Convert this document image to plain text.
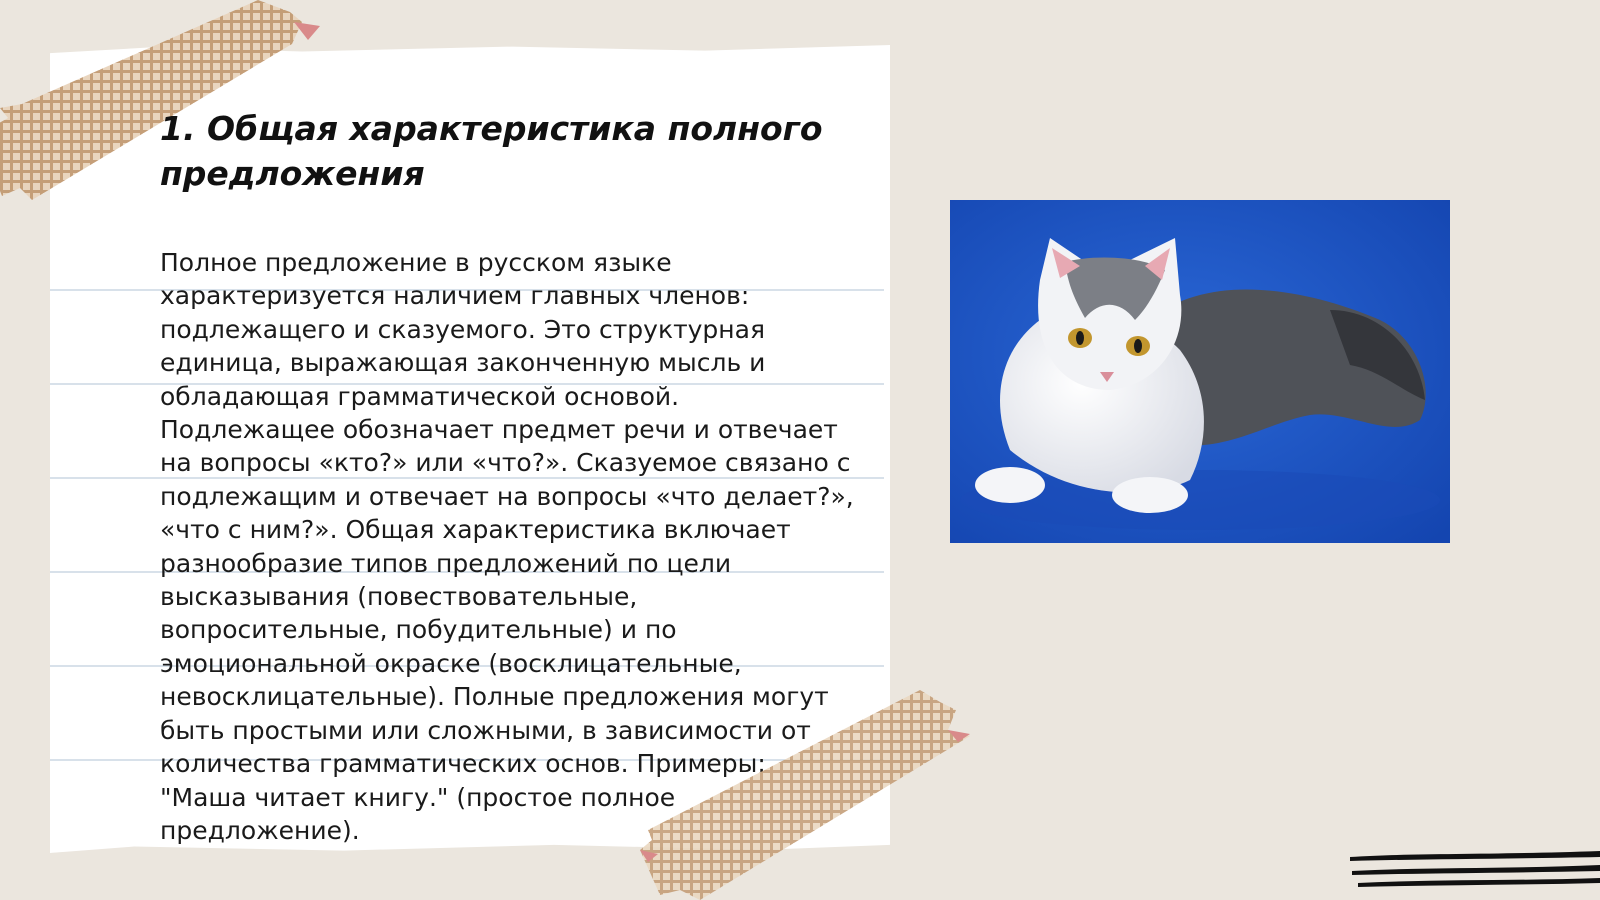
1. Общая характеристика полного предложения

Полное предложение в русском языке характеризуется наличием главных членов: подлежащего и сказуемого. Это структурная единица, выражающая законченную мысль и обладающая грамматической основой. Подлежащее обозначает предмет речи и отвечает на вопросы «кто?» или «что?». Сказуемое связано с подлежащим и отвечает на вопросы «что делает?», «что с ним?». Общая характеристика включает разнообразие типов предложений по цели высказывания (повествовательные, вопросительные, побудительные) и по эмоциональной окраске (восклицательные, невосклицательные). Полные предложения могут быть простыми или сложными, в зависимости от количества грамматических основ. Примеры: "Маша читает книгу." (простое полное предложение).
